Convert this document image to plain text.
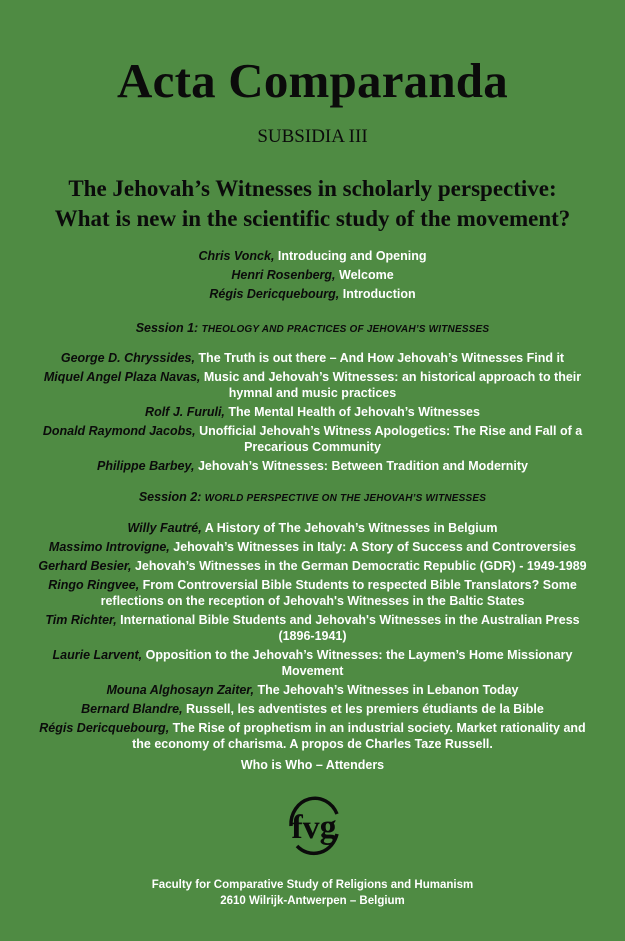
Acta Comparanda
SUBSIDIA III
The Jehovah’s Witnesses in scholarly perspective:
What is new in the scientific study of the movement?
Chris Vonck, Introducing and Opening
Henri Rosenberg, Welcome
Régis Dericquebourg, Introduction
Session 1: THEOLOGY AND PRACTICES OF JEHOVAH’S WITNESSES
George D. Chryssides, The Truth is out there – And How Jehovah’s Witnesses Find it
Miquel Angel Plaza Navas, Music and Jehovah’s Witnesses: an historical approach to their hymnal and music practices
Rolf J. Furuli, The Mental Health of Jehovah’s Witnesses
Donald Raymond Jacobs, Unofficial Jehovah’s Witness Apologetics: The Rise and Fall of a Precarious Community
Philippe Barbey, Jehovah’s Witnesses: Between Tradition and Modernity
Session 2: WORLD PERSPECTIVE ON THE JEHOVAH’S WITNESSES
Willy Fautré, A History of The Jehovah’s Witnesses in Belgium
Massimo Introvigne, Jehovah’s Witnesses in Italy: A Story of Success and Controversies
Gerhard Besier, Jehovah’s Witnesses in the German Democratic Republic (GDR) - 1949-1989
Ringo Ringvee, From Controversial Bible Students to respected Bible Translators? Some reflections on the reception of Jehovah's Witnesses in the Baltic States
Tim Richter, International Bible Students and Jehovah's Witnesses in the Australian Press (1896-1941)
Laurie Larvent, Opposition to the Jehovah’s Witnesses: the Laymen’s Home Missionary Movement
Mouna Alghosayn Zaiter, The Jehovah’s Witnesses in Lebanon Today
Bernard Blandre, Russell, les adventistes et les premiers étudiants de la Bible
Régis Dericquebourg, The Rise of prophetism in an industrial society. Market rationality and the economy of charisma. A propos de Charles Taze Russell.
Who is Who – Attenders
fvg
Faculty for Comparative Study of Religions and Humanism
2610 Wilrijk-Antwerpen – Belgium
